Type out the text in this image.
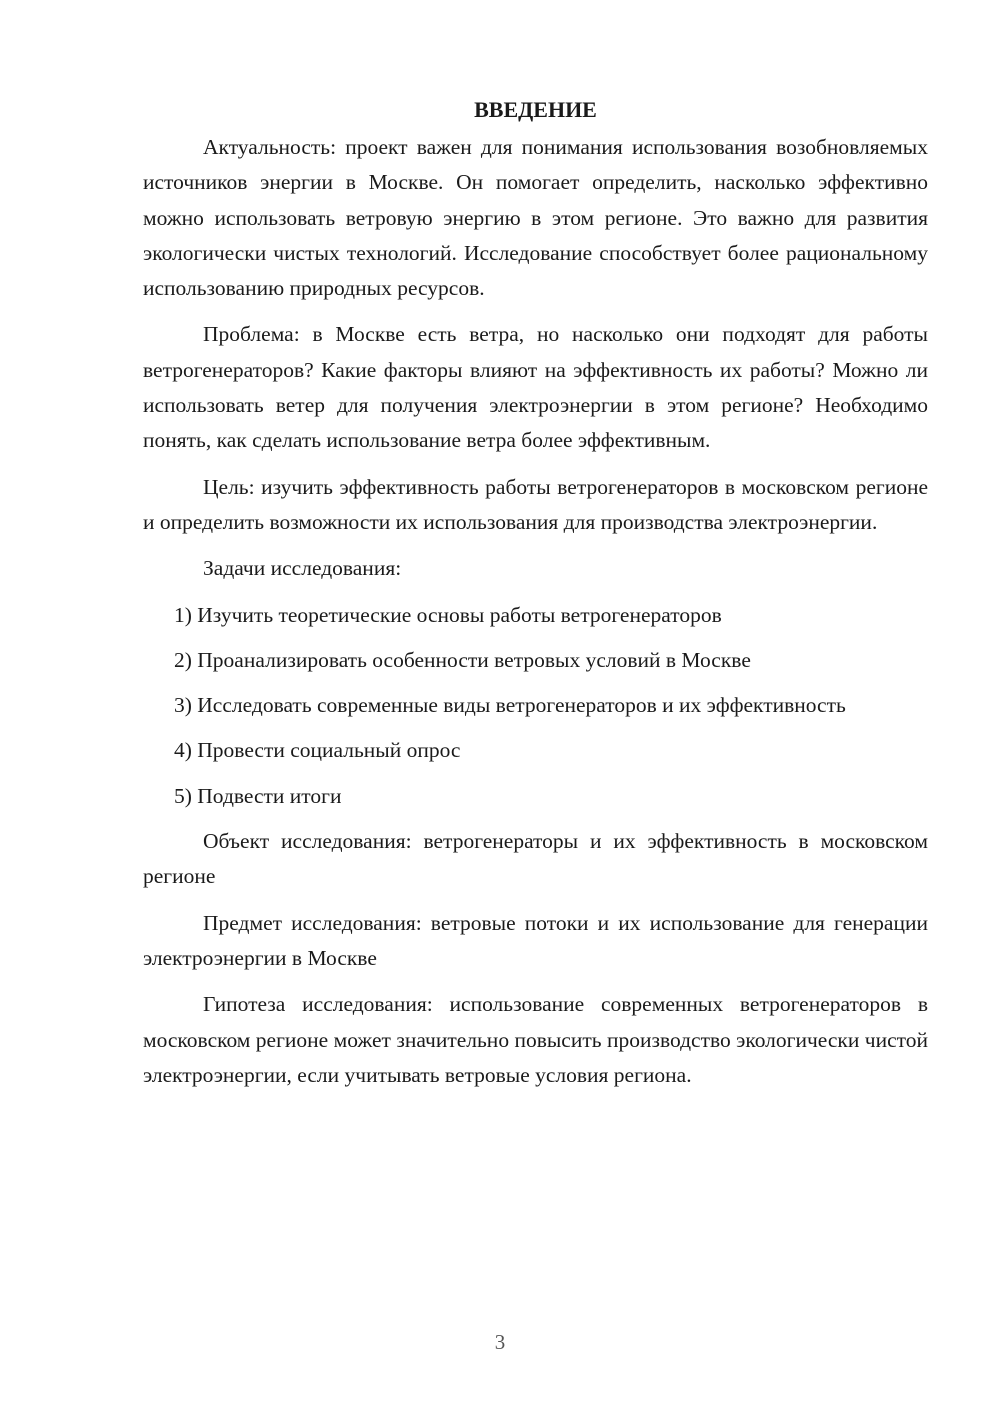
ВВЕДЕНИЕ

Актуальность: проект важен для понимания использования возобновляемых источников энергии в Москве. Он помогает определить, насколько эффективно можно использовать ветровую энергию в этом регионе. Это важно для развития экологически чистых технологий. Исследование способствует более рациональному использованию природных ресурсов.

Проблема: в Москве есть ветра, но насколько они подходят для работы ветрогенераторов? Какие факторы влияют на эффективность их работы? Можно ли использовать ветер для получения электроэнергии в этом регионе? Необходимо понять, как сделать использование ветра более эффективным.

Цель: изучить эффективность работы ветрогенераторов в московском регионе и определить возможности их использования для производства электроэнергии.

Задачи исследования:

1) Изучить теоретические основы работы ветрогенераторов

2) Проанализировать особенности ветровых условий в Москве

3) Исследовать современные виды ветрогенераторов и их эффективность

4) Провести социальный опрос

5) Подвести итоги

Объект исследования: ветрогенераторы и их эффективность в московском регионе

Предмет исследования: ветровые потоки и их использование для генерации электроэнергии в Москве

Гипотеза исследования: использование современных ветрогенераторов в московском регионе может значительно повысить производство экологически чистой электроэнергии, если учитывать ветровые условия региона.

3
